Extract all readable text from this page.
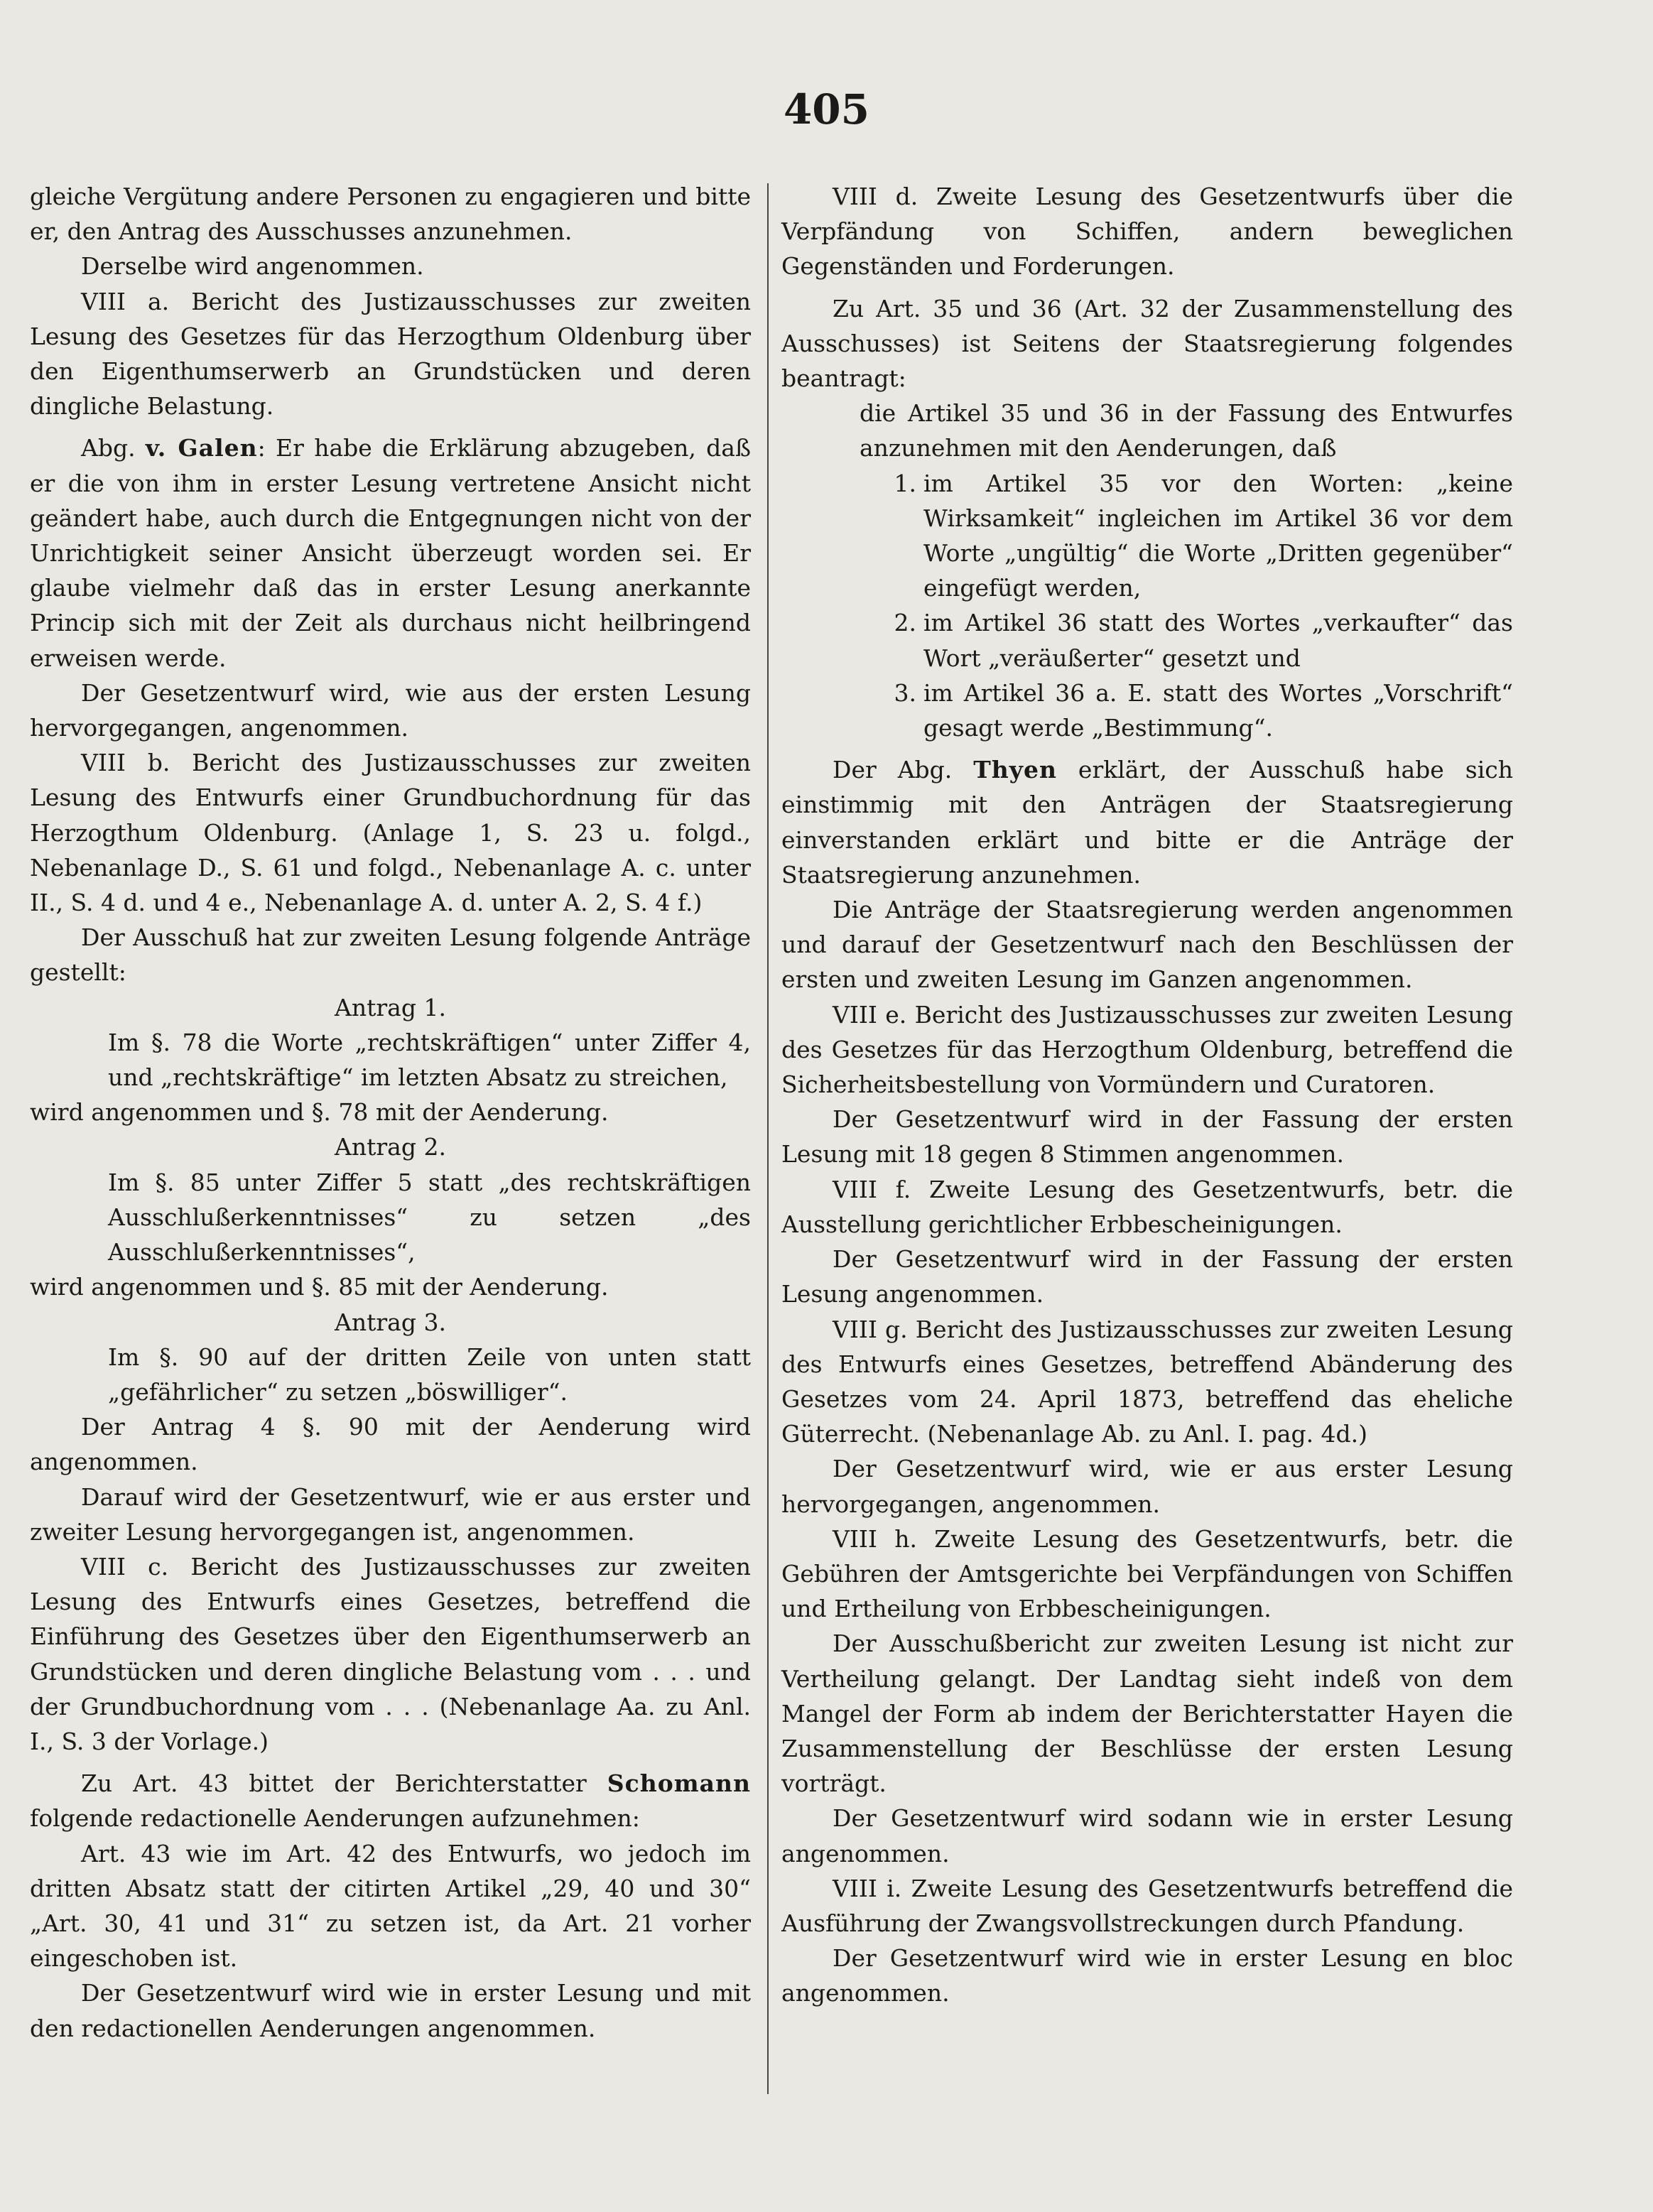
405

gleiche Vergütung andere Personen zu engagieren und bitte er, den Antrag des Ausschusses anzunehmen.

Derselbe wird angenommen.

VIII a. Bericht des Justizausschusses zur zweiten Lesung des Gesetzes für das Herzogthum Oldenburg über den Eigenthumserwerb an Grundstücken und deren dingliche Belastung.

Abg. v. Galen: Er habe die Erklärung abzugeben, daß er die von ihm in erster Lesung vertretene Ansicht nicht geändert habe, auch durch die Entgegnungen nicht von der Unrichtigkeit seiner Ansicht überzeugt worden sei. Er glaube vielmehr daß das in erster Lesung anerkannte Princip sich mit der Zeit als durchaus nicht heilbringend erweisen werde.

Der Gesetzentwurf wird, wie aus der ersten Lesung hervorgegangen, angenommen.

VIII b. Bericht des Justizausschusses zur zweiten Lesung des Entwurfs einer Grundbuchordnung für das Herzogthum Oldenburg. (Anlage 1, S. 23 u. folgd., Nebenanlage D., S. 61 und folgd., Nebenanlage A. c. unter II., S. 4 d. und 4 e., Nebenanlage A. d. unter A. 2, S. 4 f.)

Der Ausschuß hat zur zweiten Lesung folgende Anträge gestellt:

Antrag 1.

Im §. 78 die Worte „rechtskräftigen“ unter Ziffer 4, und „rechtskräftige“ im letzten Absatz zu streichen,

wird angenommen und §. 78 mit der Aenderung.

Antrag 2.

Im §. 85 unter Ziffer 5 statt „des rechtskräftigen Ausschlußerkenntnisses“ zu setzen „des Ausschlußerkenntnisses“,

wird angenommen und §. 85 mit der Aenderung.

Antrag 3.

Im §. 90 auf der dritten Zeile von unten statt „gefährlicher“ zu setzen „böswilliger“.

Der Antrag 4 §. 90 mit der Aenderung wird angenommen.

Darauf wird der Gesetzentwurf, wie er aus erster und zweiter Lesung hervorgegangen ist, angenommen.

VIII c. Bericht des Justizausschusses zur zweiten Lesung des Entwurfs eines Gesetzes, betreffend die Einführung des Gesetzes über den Eigenthumserwerb an Grundstücken und deren dingliche Belastung vom . . . und der Grundbuchordnung vom . . . (Nebenanlage Aa. zu Anl. I., S. 3 der Vorlage.)

Zu Art. 43 bittet der Berichterstatter Schomann folgende redactionelle Aenderungen aufzunehmen:

Art. 43 wie im Art. 42 des Entwurfs, wo jedoch im dritten Absatz statt der citirten Artikel „29, 40 und 30“ „Art. 30, 41 und 31“ zu setzen ist, da Art. 21 vorher eingeschoben ist.

Der Gesetzentwurf wird wie in erster Lesung und mit den redactionellen Aenderungen angenommen.

VIII d. Zweite Lesung des Gesetzentwurfs über die Verpfändung von Schiffen, andern beweglichen Gegenständen und Forderungen.

Zu Art. 35 und 36 (Art. 32 der Zusammenstellung des Ausschusses) ist Seitens der Staatsregierung folgendes beantragt:

die Artikel 35 und 36 in der Fassung des Entwurfes anzunehmen mit den Aenderungen, daß

1. im Artikel 35 vor den Worten: „keine Wirksamkeit“ ingleichen im Artikel 36 vor dem Worte „ungültig“ die Worte „Dritten gegenüber“ eingefügt werden,
2. im Artikel 36 statt des Wortes „verkaufter“ das Wort „veräußerter“ gesetzt und
3. im Artikel 36 a. E. statt des Wortes „Vorschrift“ gesagt werde „Bestimmung“.

Der Abg. Thyen erklärt, der Ausschuß habe sich einstimmig mit den Anträgen der Staatsregierung einverstanden erklärt und bitte er die Anträge der Staatsregierung anzunehmen.

Die Anträge der Staatsregierung werden angenommen und darauf der Gesetzentwurf nach den Beschlüssen der ersten und zweiten Lesung im Ganzen angenommen.

VIII e. Bericht des Justizausschusses zur zweiten Lesung des Gesetzes für das Herzogthum Oldenburg, betreffend die Sicherheitsbestellung von Vormündern und Curatoren.

Der Gesetzentwurf wird in der Fassung der ersten Lesung mit 18 gegen 8 Stimmen angenommen.

VIII f. Zweite Lesung des Gesetzentwurfs, betr. die Ausstellung gerichtlicher Erbbescheinigungen.

Der Gesetzentwurf wird in der Fassung der ersten Lesung angenommen.

VIII g. Bericht des Justizausschusses zur zweiten Lesung des Entwurfs eines Gesetzes, betreffend Abänderung des Gesetzes vom 24. April 1873, betreffend das eheliche Güterrecht. (Nebenanlage Ab. zu Anl. I. pag. 4d.)

Der Gesetzentwurf wird, wie er aus erster Lesung hervorgegangen, angenommen.

VIII h. Zweite Lesung des Gesetzentwurfs, betr. die Gebühren der Amtsgerichte bei Verpfändungen von Schiffen und Ertheilung von Erbbescheinigungen.

Der Ausschußbericht zur zweiten Lesung ist nicht zur Vertheilung gelangt. Der Landtag sieht indeß von dem Mangel der Form ab indem der Berichterstatter Hayen die Zusammenstellung der Beschlüsse der ersten Lesung vorträgt.

Der Gesetzentwurf wird sodann wie in erster Lesung angenommen.

VIII i. Zweite Lesung des Gesetzentwurfs betreffend die Ausführung der Zwangsvollstreckungen durch Pfandung.

Der Gesetzentwurf wird wie in erster Lesung en bloc angenommen.
